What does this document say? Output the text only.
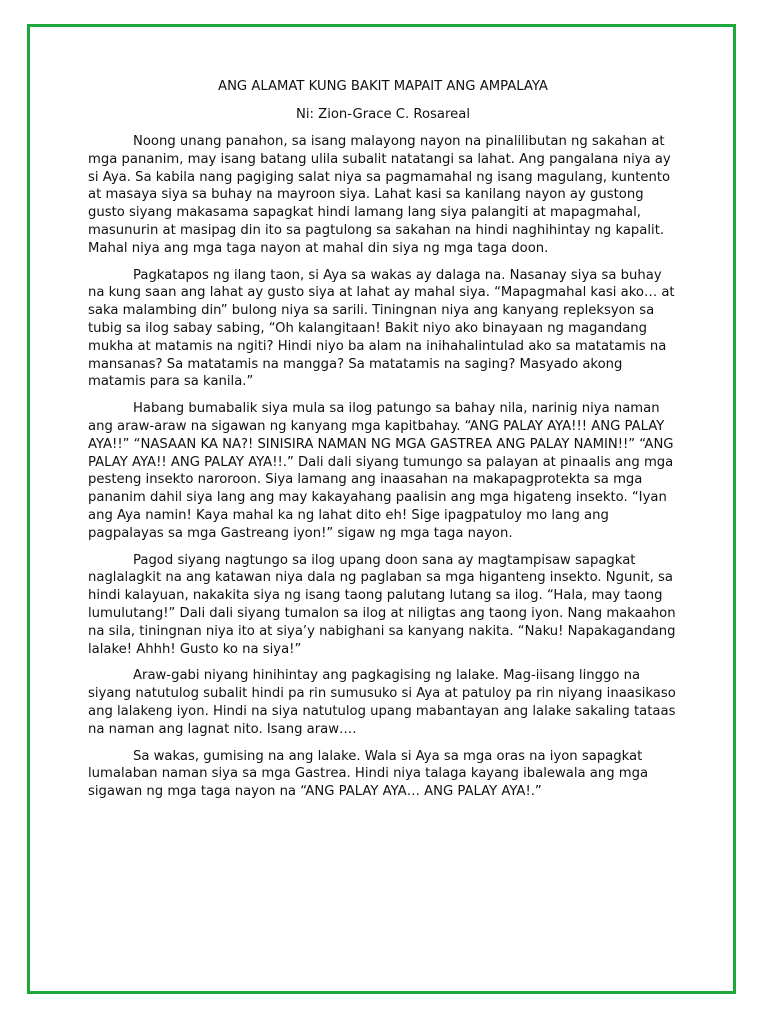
ANG ALAMAT KUNG BAKIT MAPAIT ANG AMPALAYA
Ni: Zion-Grace C. Rosareal

Noong unang panahon, sa isang malayong nayon na pinalilibutan ng sakahan at mga pananim, may isang batang ulila subalit natatangi sa lahat. Ang pangalana niya ay si Aya. Sa kabila nang pagiging salat niya sa pagmamahal ng isang magulang, kuntento at masaya siya sa buhay na mayroon siya. Lahat kasi sa kanilang nayon ay gustong gusto siyang makasama sapagkat hindi lamang lang siya palangiti at mapagmahal, masunurin at masipag din ito sa pagtulong sa sakahan na hindi naghihintay ng kapalit. Mahal niya ang mga taga nayon at mahal din siya ng mga taga doon.

Pagkatapos ng ilang taon, si Aya sa wakas ay dalaga na. Nasanay siya sa buhay na kung saan ang lahat ay gusto siya at lahat ay mahal siya. “Mapagmahal kasi ako… at saka malambing din” bulong niya sa sarili. Tiningnan niya ang kanyang repleksyon sa tubig sa ilog sabay sabing, “Oh kalangitaan! Bakit niyo ako binayaan ng magandang mukha at matamis na ngiti? Hindi niyo ba alam na inihahalintulad ako sa matatamis na mansanas? Sa matatamis na mangga? Sa matatamis na saging? Masyado akong matamis para sa kanila.”

Habang bumabalik siya mula sa ilog patungo sa bahay nila, narinig niya naman ang araw-araw na sigawan ng kanyang mga kapitbahay. “ANG PALAY AYA!!! ANG PALAY AYA!!” “NASAAN KA NA?! SINISIRA NAMAN NG MGA GASTREA ANG PALAY NAMIN!!” “ANG PALAY AYA!! ANG PALAY AYA!!.” Dali dali siyang tumungo sa palayan at pinaalis ang mga pesteng insekto naroroon. Siya lamang ang inaasahan na makapagprotekta sa mga pananim dahil siya lang ang may kakayahang paalisin ang mga higateng insekto. “Iyan ang Aya namin! Kaya mahal ka ng lahat dito eh! Sige ipagpatuloy mo lang ang pagpalayas sa mga Gastreang iyon!” sigaw ng mga taga nayon.

Pagod siyang nagtungo sa ilog upang doon sana ay magtampisaw sapagkat naglalagkit na ang katawan niya dala ng paglaban sa mga higanteng insekto. Ngunit, sa hindi kalayuan, nakakita siya ng isang taong palutang lutang sa ilog. “Hala, may taong lumulutang!” Dali dali siyang tumalon sa ilog at niligtas ang taong iyon. Nang makaahon na sila, tiningnan niya ito at siya’y nabighani sa kanyang nakita. “Naku! Napakagandang lalake! Ahhh! Gusto ko na siya!”

Araw-gabi niyang hinihintay ang pagkagising ng lalake. Mag-iisang linggo na siyang natutulog subalit hindi pa rin sumusuko si Aya at patuloy pa rin niyang inaasikaso ang lalakeng iyon. Hindi na siya natutulog upang mabantayan ang lalake sakaling tataas na naman ang lagnat nito. Isang araw….

Sa wakas, gumising na ang lalake. Wala si Aya sa mga oras na iyon sapagkat lumalaban naman siya sa mga Gastrea. Hindi niya talaga kayang ibalewala ang mga sigawan ng mga taga nayon na “ANG PALAY AYA… ANG PALAY AYA!.”
